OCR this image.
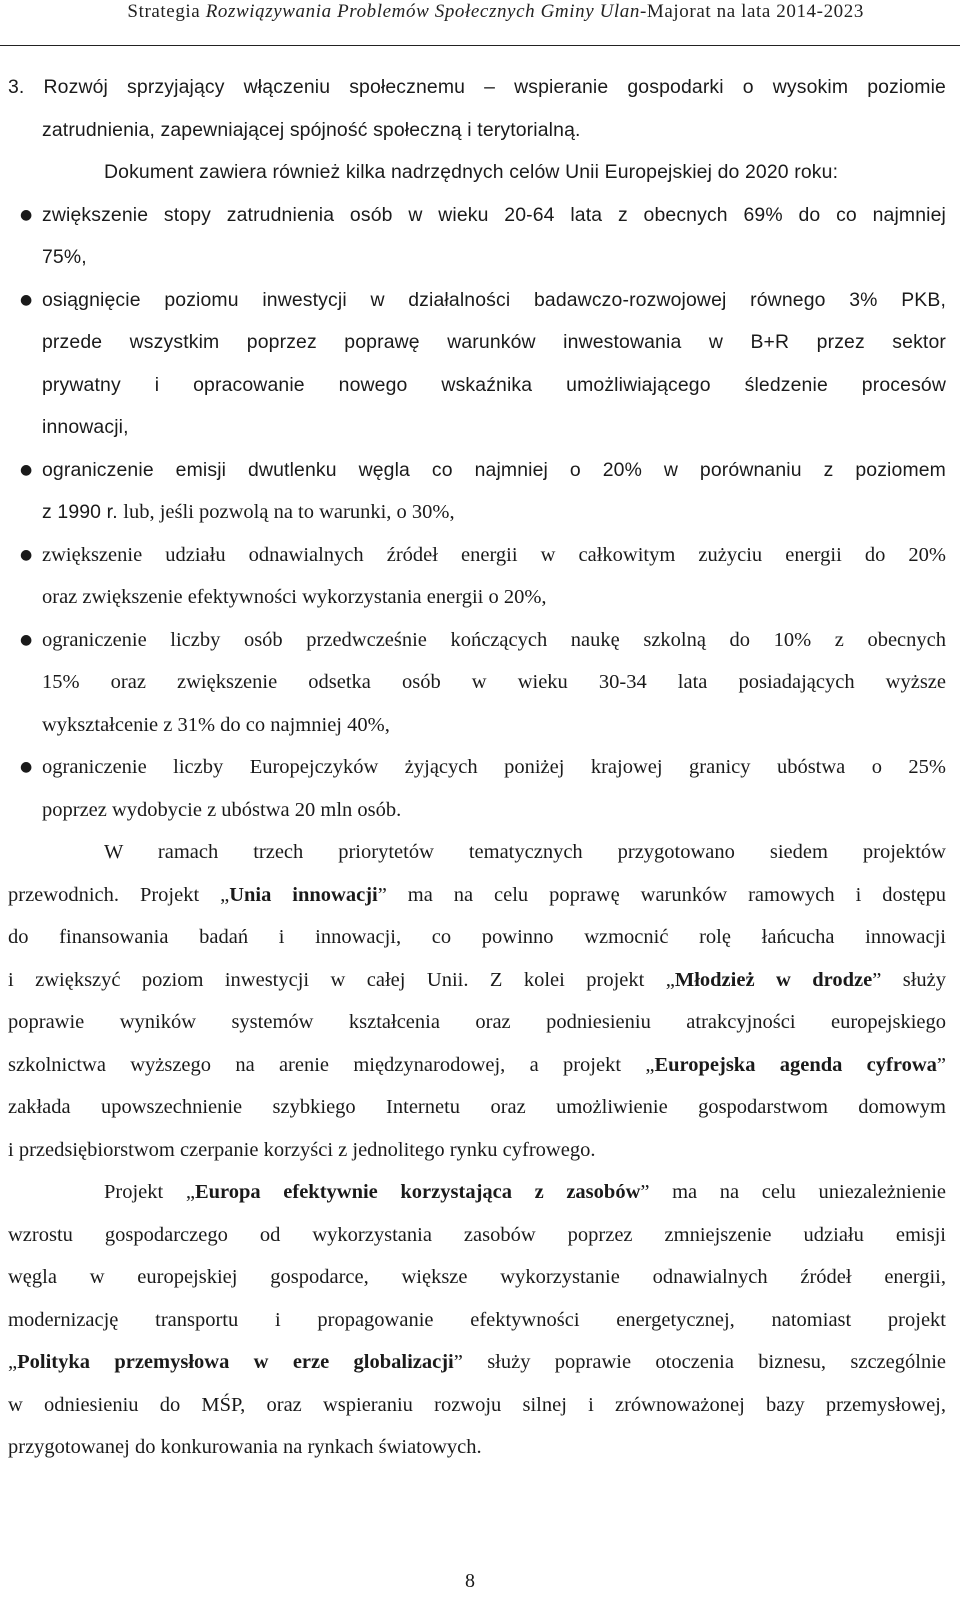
Strategia Rozwiązywania Problemów Społecznych Gminy Ulan-Majorat na lata 2014-2023
3. Rozwój sprzyjający włączeniu społecznemu – wspieranie gospodarki o wysokim poziomie
zatrudnienia, zapewniającej spójność społeczną i terytorialną.
Dokument zawiera również kilka nadrzędnych celów Unii Europejskiej do 2020 roku:
● zwiększenie stopy zatrudnienia osób w wieku 20-64 lata z obecnych 69% do co najmniej
75%,
● osiągnięcie poziomu inwestycji w działalności badawczo-rozwojowej równego 3% PKB,
przede wszystkim poprzez poprawę warunków inwestowania w B+R przez sektor
prywatny i opracowanie nowego wskaźnika umożliwiającego śledzenie procesów
innowacji,
● ograniczenie emisji dwutlenku węgla co najmniej o 20% w porównaniu z poziomem
z 1990 r. lub, jeśli pozwolą na to warunki, o 30%,
● zwiększenie udziału odnawialnych źródeł energii w całkowitym zużyciu energii do 20%
oraz zwiększenie efektywności wykorzystania energii o 20%,
● ograniczenie liczby osób przedwcześnie kończących naukę szkolną do 10% z obecnych
15% oraz zwiększenie odsetka osób w wieku 30-34 lata posiadających wyższe
wykształcenie z 31% do co najmniej 40%,
● ograniczenie liczby Europejczyków żyjących poniżej krajowej granicy ubóstwa o 25%
poprzez wydobycie z ubóstwa 20 mln osób.
W ramach trzech priorytetów tematycznych przygotowano siedem projektów
przewodnich. Projekt „Unia innowacji” ma na celu poprawę warunków ramowych i dostępu
do finansowania badań i innowacji, co powinno wzmocnić rolę łańcucha innowacji
i zwiększyć poziom inwestycji w całej Unii. Z kolei projekt „Młodzież w drodze” służy
poprawie wyników systemów kształcenia oraz podniesieniu atrakcyjności europejskiego
szkolnictwa wyższego na arenie międzynarodowej, a projekt „Europejska agenda cyfrowa”
zakłada upowszechnienie szybkiego Internetu oraz umożliwienie gospodarstwom domowym
i przedsiębiorstwom czerpanie korzyści z jednolitego rynku cyfrowego.
Projekt „Europa efektywnie korzystająca z zasobów” ma na celu uniezależnienie
wzrostu gospodarczego od wykorzystania zasobów poprzez zmniejszenie udziału emisji
węgla w europejskiej gospodarce, większe wykorzystanie odnawialnych źródeł energii,
modernizację transportu i propagowanie efektywności energetycznej, natomiast projekt
„Polityka przemysłowa w erze globalizacji” służy poprawie otoczenia biznesu, szczególnie
w odniesieniu do MŚP, oraz wspieraniu rozwoju silnej i zrównoważonej bazy przemysłowej,
przygotowanej do konkurowania na rynkach światowych.
8
